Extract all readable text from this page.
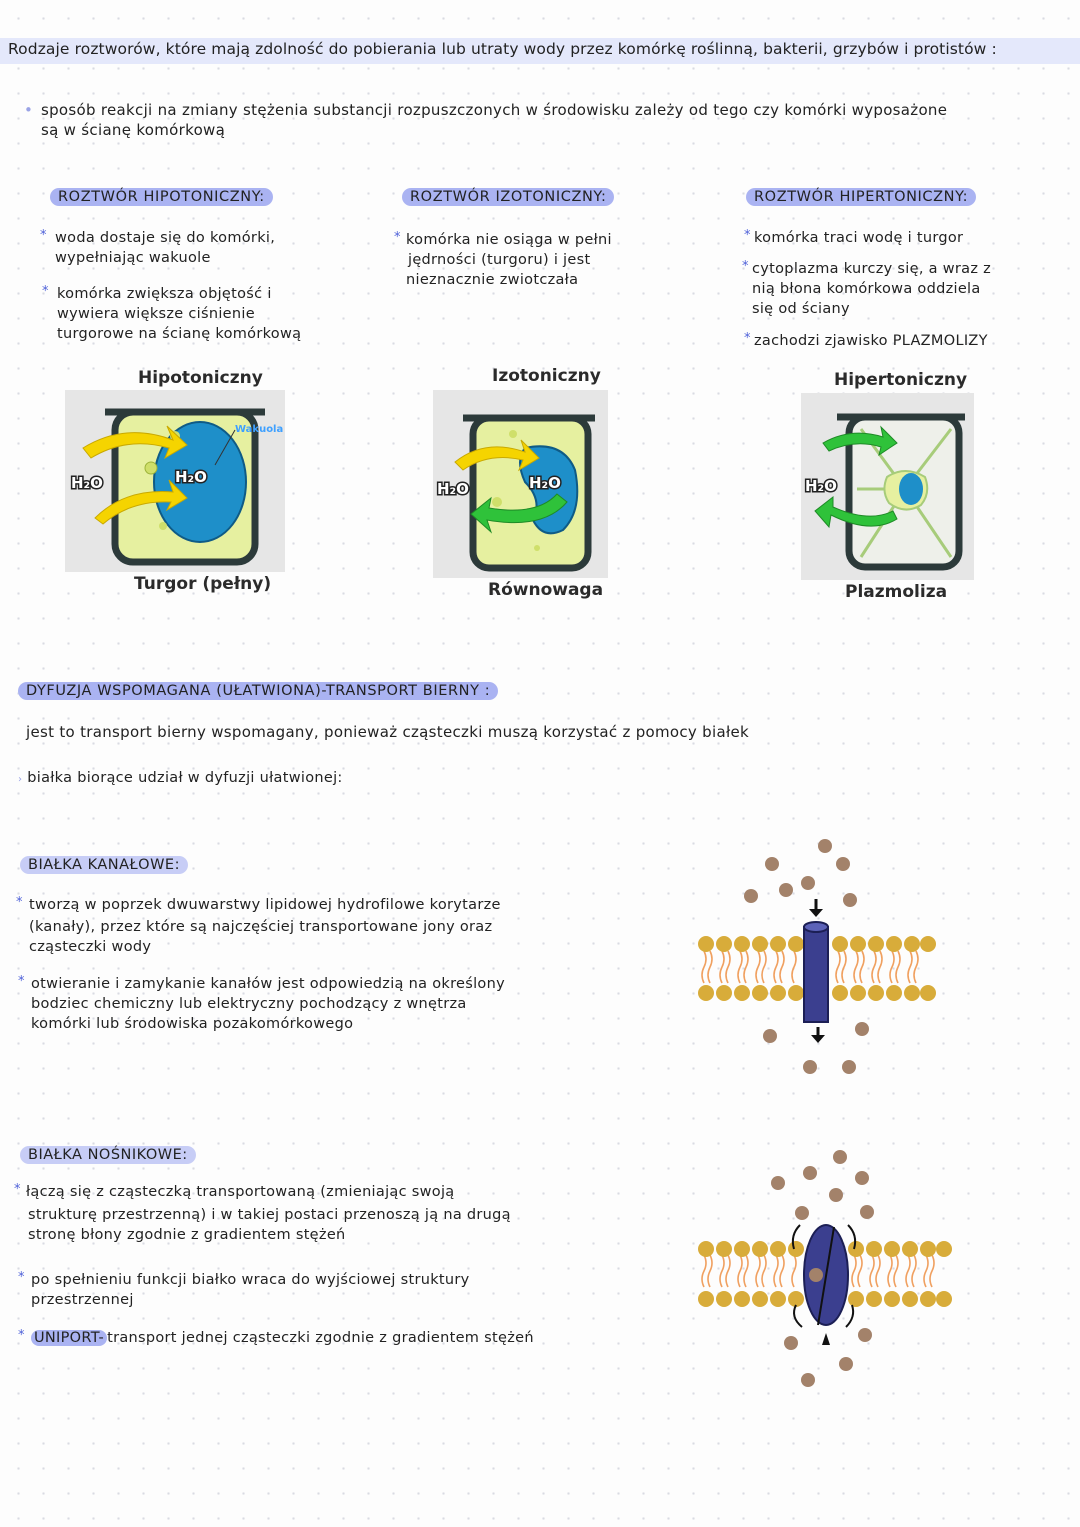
Rodzaje roztworów, które mają zdolność do pobierania lub utraty wody przez komórkę roślinną, bakterii, grzybów i protistów :
• sposób reakcji na zmiany stężenia substancji rozpuszczonych w środowisku zależy od tego czy komórki wyposażone
są w ścianę komórkową
ROZTWÓR HIPOTONICZNY:
* woda dostaje się do komórki,
wypełniając wakuole
* komórka zwiększa objętość i
wywiera większe ciśnienie
turgorowe na ścianę komórkową
Hipotoniczny
H₂O	H₂O
Wakuola
Turgor (pełny)
ROZTWÓR IZOTONICZNY:
* komórka nie osiąga w pełni
jędrności (turgoru) i jest
nieznacznie zwiotczała
Izotoniczny
H₂O	H₂O
Równowaga
ROZTWÓR HIPERTONICZNY:
* komórka traci wodę i turgor
* cytoplazma kurczy się, a wraz z
nią błona komórkowa oddziela
się od ściany
* zachodzi zjawisko PLAZMOLIZY
Hipertoniczny
H₂O
Plazmoliza
DYFUZJA WSPOMAGANA (UŁATWIONA)-TRANSPORT BIERNY :
jest to transport bierny wspomagany, ponieważ cząsteczki muszą korzystać z pomocy białek
› białka biorące udział w dyfuzji ułatwionej:
BIAŁKA KANAŁOWE:
* tworzą w poprzek dwuwarstwy lipidowej hydrofilowe korytarze
(kanały), przez które są najczęściej transportowane jony oraz
cząsteczki wody
* otwieranie i zamykanie kanałów jest odpowiedzią na określony
bodziec chemiczny lub elektryczny pochodzący z wnętrza
komórki lub środowiska pozakomórkowego
BIAŁKA NOŚNIKOWE:
* łączą się z cząsteczką transportowaną (zmieniając swoją
strukturę przestrzenną) i w takiej postaci przenoszą ją na drugą
stronę błony zgodnie z gradientem stężeń
* po spełnieniu funkcji białko wraca do wyjściowej struktury
przestrzennej
* UNIPORT- transport jednej cząsteczki zgodnie z gradientem stężeń
